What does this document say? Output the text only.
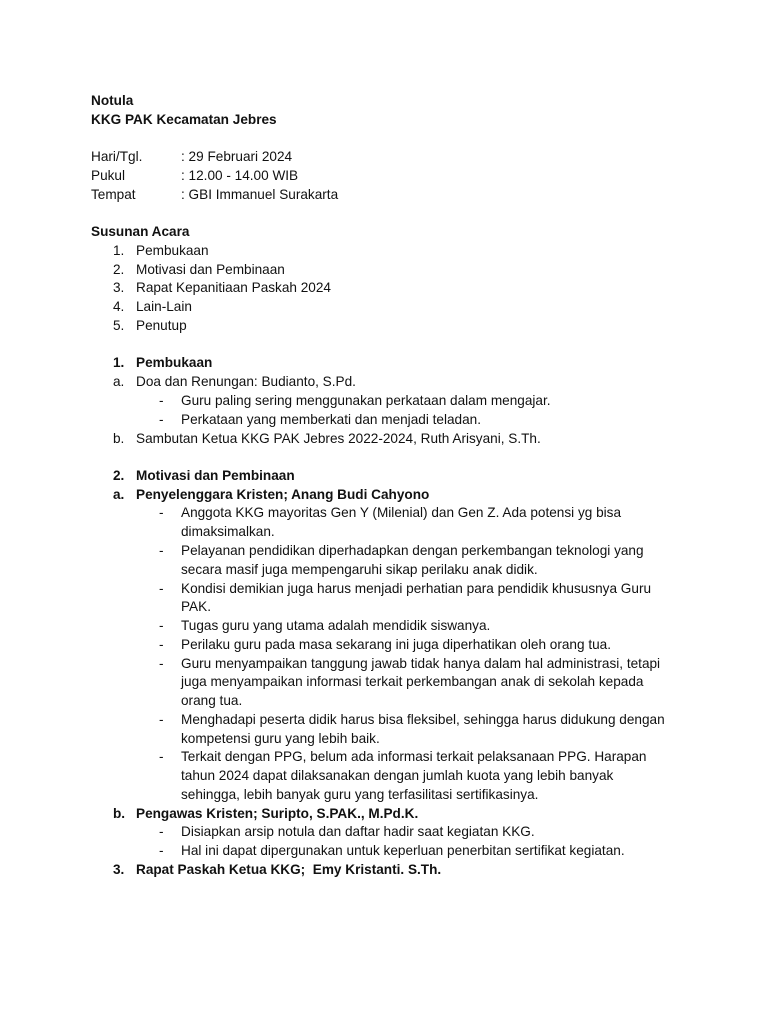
Notula
KKG PAK Kecamatan Jebres
Hari/Tgl.	: 29 Februari 2024
Pukul	: 12.00 - 14.00 WIB
Tempat	: GBI Immanuel Surakarta
Susunan Acara
1. Pembukaan
2. Motivasi dan Pembinaan
3. Rapat Kepanitiaan Paskah 2024
4. Lain-Lain
5. Penutup
1. Pembukaan
a. Doa dan Renungan: Budianto, S.Pd.
- Guru paling sering menggunakan perkataan dalam mengajar.
- Perkataan yang memberkati dan menjadi teladan.
b. Sambutan Ketua KKG PAK Jebres 2022-2024, Ruth Arisyani, S.Th.
2. Motivasi dan Pembinaan
a. Penyelenggara Kristen; Anang Budi Cahyono
- Anggota KKG mayoritas Gen Y (Milenial) dan Gen Z. Ada potensi yg bisa
dimaksimalkan.
- Pelayanan pendidikan diperhadapkan dengan perkembangan teknologi yang
secara masif juga mempengaruhi sikap perilaku anak didik.
- Kondisi demikian juga harus menjadi perhatian para pendidik khususnya Guru
PAK.
- Tugas guru yang utama adalah mendidik siswanya.
- Perilaku guru pada masa sekarang ini juga diperhatikan oleh orang tua.
- Guru menyampaikan tanggung jawab tidak hanya dalam hal administrasi, tetapi
juga menyampaikan informasi terkait perkembangan anak di sekolah kepada
orang tua.
- Menghadapi peserta didik harus bisa fleksibel, sehingga harus didukung dengan
kompetensi guru yang lebih baik.
- Terkait dengan PPG, belum ada informasi terkait pelaksanaan PPG. Harapan
tahun 2024 dapat dilaksanakan dengan jumlah kuota yang lebih banyak
sehingga, lebih banyak guru yang terfasilitasi sertifikasinya.
b. Pengawas Kristen; Suripto, S.PAK., M.Pd.K.
- Disiapkan arsip notula dan daftar hadir saat kegiatan KKG.
- Hal ini dapat dipergunakan untuk keperluan penerbitan sertifikat kegiatan.
3. Rapat Paskah Ketua KKG;  Emy Kristanti. S.Th.
